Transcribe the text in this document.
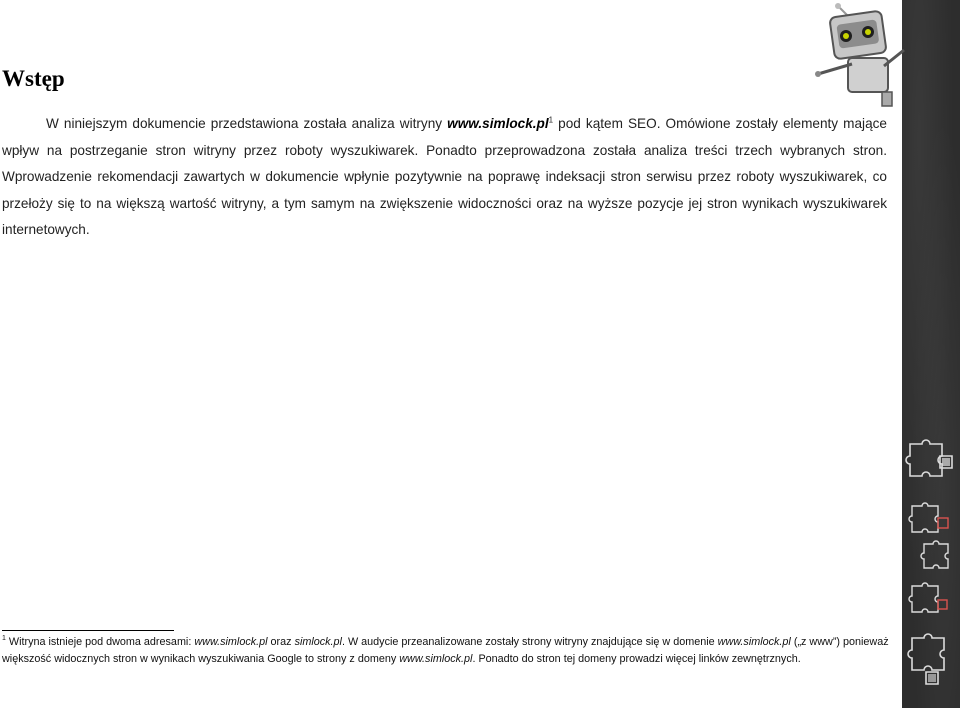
Wstęp

W niniejszym dokumencie przedstawiona została analiza witryny $www.simlock.pl^1$ pod kątem SEO. Omówione zostały elementy mające wpływ na postrzeganie stron witryny przez roboty wyszukiwarek. Ponadto przeprowadzona została analiza treści trzech wybranych stron. Wprowadzenie rekomendacji zawartych w dokumencie wpłynie pozytywnie na poprawę indeksacji stron serwisu przez roboty wyszukiwarek, co przełoży się to na większą wartość witryny, a tym samym na zwiększenie widoczności oraz na wyższe pozycje jej stron wynikach wyszukiwarek internetowych.

$^1$ Witryna istnieje pod dwoma adresami: www.simlock.pl oraz simlock.pl. W audycie przeanalizowane zostały strony witryny znajdujące się w domenie www.simlock.pl („z www”) ponieważ większość widocznych stron w wynikach wyszukiwania Google to strony z domeny www.simlock.pl. Ponadto do stron tej domeny prowadzi więcej linków zewnętrznych.
